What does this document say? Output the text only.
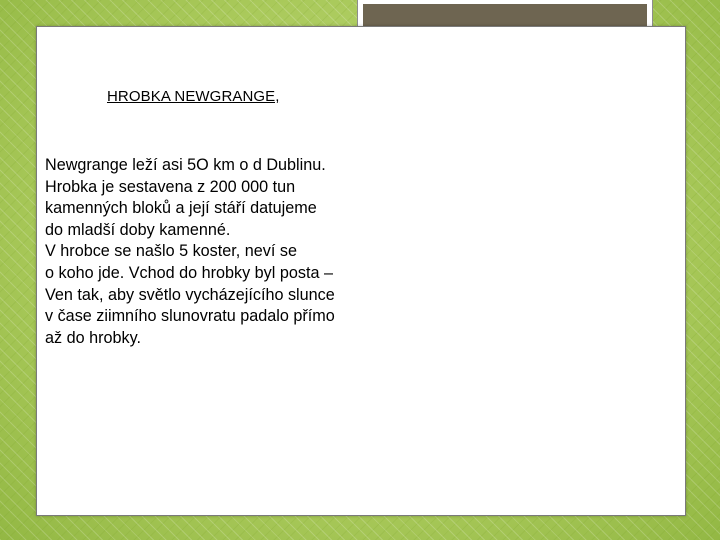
HROBKA NEWGRANGE,
Newgrange leží asi 5O km o d Dublinu.
Hrobka je sestavena z 200 000 tun
kamenných bloků a její stáří datujeme
do mladší doby kamenné.
V hrobce se našlo 5 koster, neví se
o koho jde. Vchod do hrobky byl posta –
Ven tak, aby světlo vycházejícího slunce
v čase ziimního slunovratu padalo přímo
až do hrobky.
